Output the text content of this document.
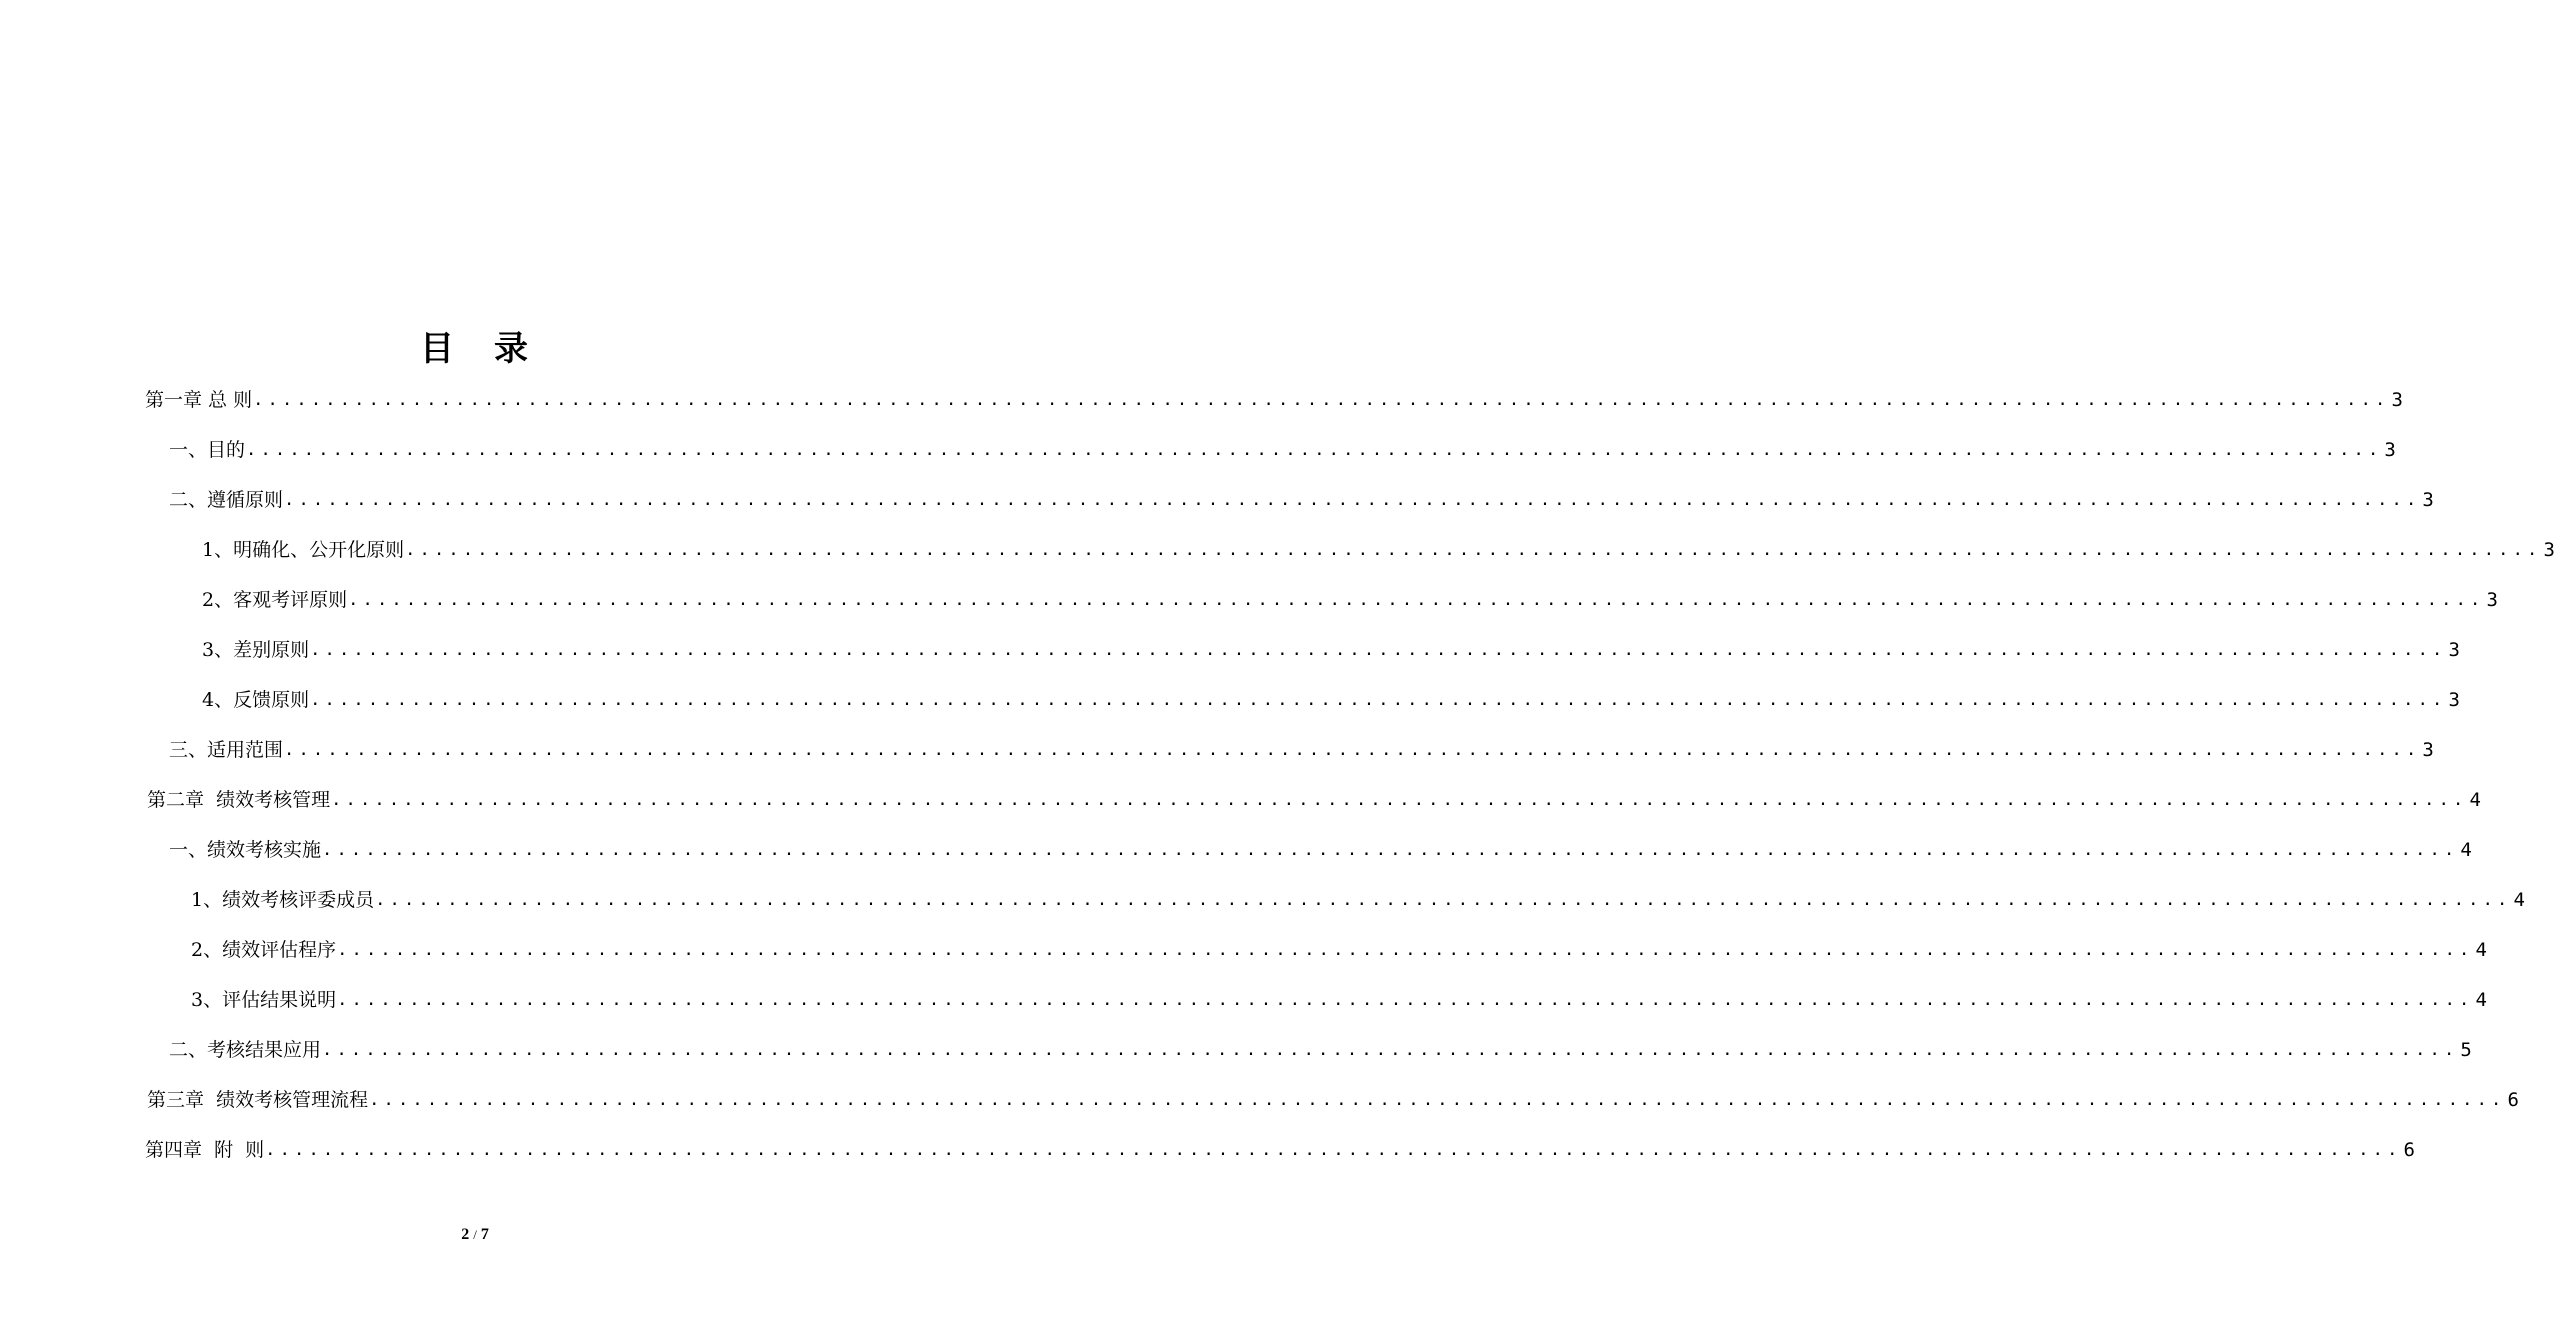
目 录
第一章 总 则 .................................................................................................................................................... 3
一、目的 .................................................................................................................................................... 3
二、遵循原则 .................................................................................................................................................... 3
1、明确化、公开化原则 .................................................................................................................................................... 3
2、客观考评原则 .................................................................................................................................................... 3
3、差别原则 .................................................................................................................................................... 3
4、反馈原则 .................................................................................................................................................... 3
三、适用范围 .................................................................................................................................................... 3
第二章  绩效考核管理 .................................................................................................................................................... 4
一、绩效考核实施 .................................................................................................................................................... 4
1、绩效考核评委成员 .................................................................................................................................................... 4
2、绩效评估程序 .................................................................................................................................................... 4
3、评估结果说明 .................................................................................................................................................... 4
二、考核结果应用 .................................................................................................................................................... 5
第三章  绩效考核管理流程 .................................................................................................................................................... 6
第四章  附  则 .................................................................................................................................................... 6
2 / 7
